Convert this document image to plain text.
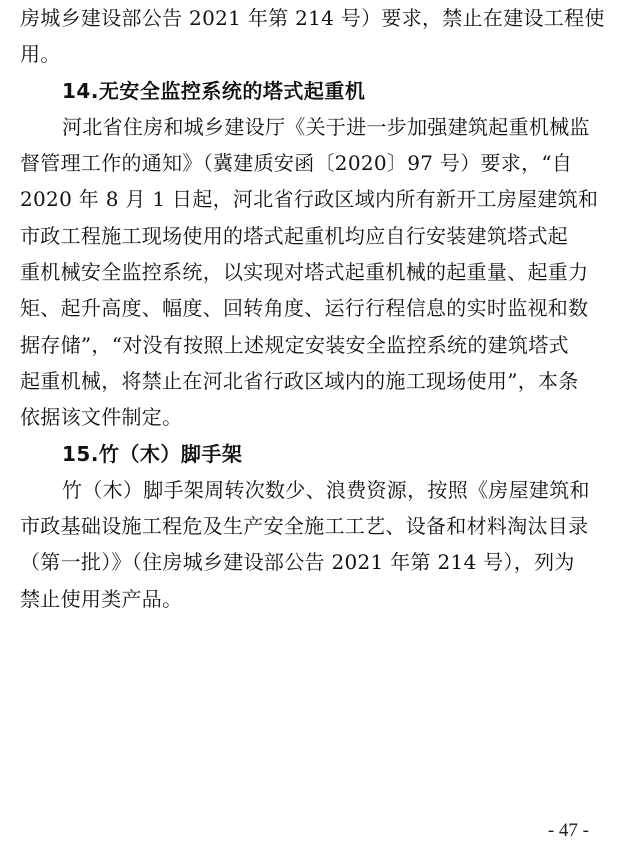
房城乡建设部公告 2021 年第 214 号）要求，禁止在建设工程使
用。
14.无安全监控系统的塔式起重机
河北省住房和城乡建设厅《关于进一步加强建筑起重机械监
督管理工作的通知》（冀建质安函〔2020〕97 号）要求，“自
2020 年 8 月 1 日起，河北省行政区域内所有新开工房屋建筑和
市政工程施工现场使用的塔式起重机均应自行安装建筑塔式起
重机械安全监控系统，以实现对塔式起重机械的起重量、起重力
矩、起升高度、幅度、回转角度、运行行程信息的实时监视和数
据存储”，“对没有按照上述规定安装安全监控系统的建筑塔式
起重机械，将禁止在河北省行政区域内的施工现场使用”，本条
依据该文件制定。
15.竹（木）脚手架
竹（木）脚手架周转次数少、浪费资源，按照《房屋建筑和
市政基础设施工程危及生产安全施工工艺、设备和材料淘汰目录
（第一批）》（住房城乡建设部公告 2021 年第 214 号），列为
禁止使用类产品。
- 47 -
